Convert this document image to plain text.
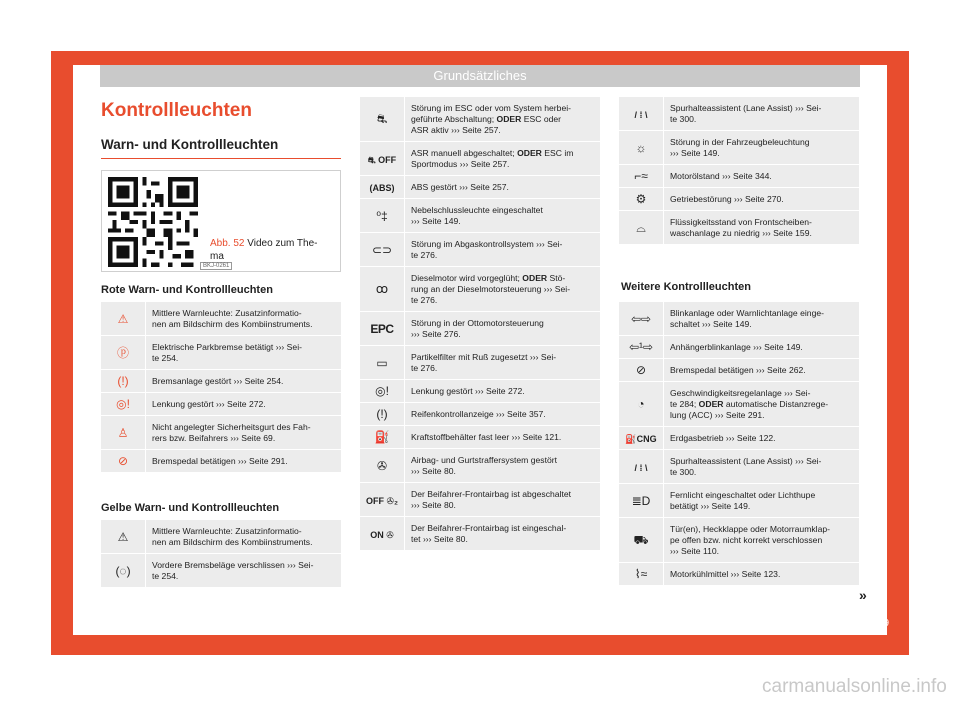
Grundsätzliches
Kontrollleuchten
Warn- und Kontrollleuchten
BKJ-0261
Abb. 52 Video zum The-
ma
Rote Warn- und Kontrollleuchten
⚠	Mittlere Warnleuchte: Zusatzinformatio-
nen am Bildschirm des Kombiinstruments.
ⓟ	Elektrische Parkbremse betätigt ››› Sei-
te 254.
(!)	Bremsanlage gestört ››› Seite 254.
◎!	Lenkung gestört ››› Seite 272.
♙	Nicht angelegter Sicherheitsgurt des Fah-
rers bzw. Beifahrers ››› Seite 69.
⊘	Bremspedal betätigen ››› Seite 291.
Gelbe Warn- und Kontrollleuchten
⚠	Mittlere Warnleuchte: Zusatzinformatio-
nen am Bildschirm des Kombiinstruments.
(◌)	Vordere Bremsbeläge verschlissen ››› Sei-
te 254.
⛐	Störung im ESC oder vom System herbei-
geführte Abschaltung; ODER ESC oder
ASR aktiv ››› Seite 257.
⛐ OFF	ASR manuell abgeschaltet; ODER ESC im
Sportmodus ››› Seite 257.
(ABS)	ABS gestört ››› Seite 257.
⁰‡	Nebelschlussleuchte eingeschaltet
››› Seite 149.
⊂⊃	Störung im Abgaskontrollsystem ››› Sei-
te 276.
ꝏ	Dieselmotor wird vorgeglüht; ODER Stö-
rung an der Dieselmotorsteuerung ››› Sei-
te 276.
EPC	Störung in der Ottomotorsteuerung
››› Seite 276.
▭	Partikelfilter mit Ruß zugesetzt ››› Sei-
te 276.
◎!	Lenkung gestört ››› Seite 272.
(!)	Reifenkontrollanzeige ››› Seite 357.
⛽	Kraftstoffbehälter fast leer ››› Seite 121.
✇	Airbag- und Gurtstraffersystem gestört
››› Seite 80.
OFF ✇₂	Der Beifahrer-Frontairbag ist abgeschaltet
››› Seite 80.
ON ✇	Der Beifahrer-Frontairbag ist eingeschal-
tet ››› Seite 80.
/ ⁞ \	Spurhalteassistent (Lane Assist) ››› Sei-
te 300.
☼	Störung in der Fahrzeugbeleuchtung
››› Seite 149.
⌐≈	Motorölstand ››› Seite 344.
⚙	Getriebestörung ››› Seite 270.
⌓	Flüssigkeitsstand von Frontscheiben-
waschanlage zu niedrig ››› Seite 159.
Weitere Kontrollleuchten
⇦⇨	Blinkanlage oder Warnlichtanlage einge-
schaltet ››› Seite 149.
⇦¹⇨	Anhängerblinkanlage ››› Seite 149.
⊘	Bremspedal betätigen ››› Seite 262.
◔	Geschwindigkeitsregelanlage ››› Sei-
te 284; ODER automatische Distanzrege-
lung (ACC) ››› Seite 291.
⛽CNG	Erdgasbetrieb ››› Seite 122.
/ ⁞ \	Spurhalteassistent (Lane Assist) ››› Sei-
te 300.
≣D	Fernlicht eingeschaltet oder Lichthupe
betätigt ››› Seite 149.
⛟	Tür(en), Heckklappe oder Motorraumklap-
pe offen bzw. nicht korrekt verschlossen
››› Seite 110.
⌇≈	Motorkühlmittel ››› Seite 123.
»
39
carmanualsonline.info
